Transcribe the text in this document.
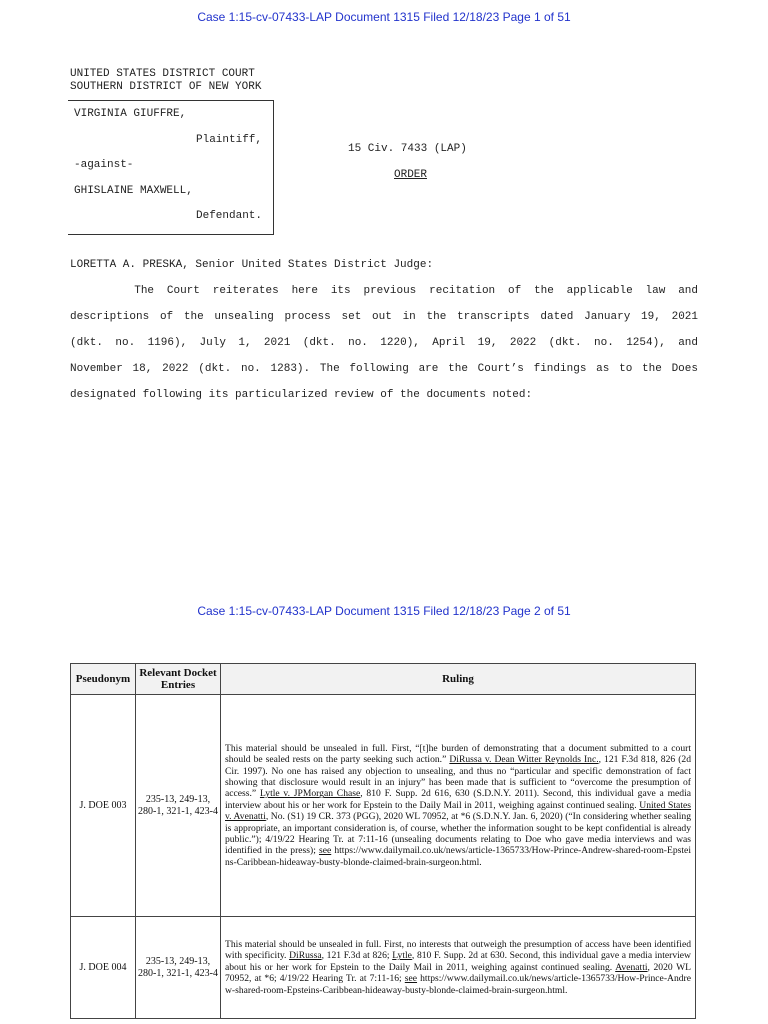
Case 1:15-cv-07433-LAP Document 1315 Filed 12/18/23 Page 1 of 51
UNITED STATES DISTRICT COURT
SOUTHERN DISTRICT OF NEW YORK
VIRGINIA GIUFFRE,
Plaintiff,
-against-
GHISLAINE MAXWELL,
Defendant.
15 Civ. 7433 (LAP)
ORDER
LORETTA A. PRESKA, Senior United States District Judge:
The Court reiterates here its previous recitation of the applicable law and
descriptions of the unsealing process set out in the transcripts dated January 19, 2021
(dkt. no. 1196), July 1, 2021 (dkt. no. 1220), April 19, 2022 (dkt. no. 1254), and
November 18, 2022 (dkt. no. 1283). The following are the Court’s findings as to the Does
designated following its particularized review of the documents noted:
Case 1:15-cv-07433-LAP Document 1315 Filed 12/18/23 Page 2 of 51
Pseudonym	Relevant Docket Entries	Ruling
J. DOE 003	235-13, 249-13, 280-1, 321-1, 423-4	This material should be unsealed in full. First, “[t]he burden of demonstrating that a document submitted to a court should be sealed rests on the party seeking such action.” DiRussa v. Dean Witter Reynolds Inc., 121 F.3d 818, 826 (2d Cir. 1997). No one has raised any objection to unsealing, and thus no “particular and specific demonstration of fact showing that disclosure would result in an injury” has been made that is sufficient to “overcome the presumption of access.” Lytle v. JPMorgan Chase, 810 F. Supp. 2d 616, 630 (S.D.N.Y. 2011). Second, this individual gave a media interview about his or her work for Epstein to the Daily Mail in 2011, weighing against continued sealing. United States v. Avenatti, No. (S1) 19 CR. 373 (PGG), 2020 WL 70952, at *6 (S.D.N.Y. Jan. 6, 2020) (“In considering whether sealing is appropriate, an important consideration is, of course, whether the information sought to be kept confidential is already public.”); 4/19/22 Hearing Tr. at 7:11-16 (unsealing documents relating to Doe who gave media interviews and was identified in the press); see https://www.dailymail.co.uk/news/article-1365733/How-Prince-Andrew-shared-room-Epsteins-Caribbean-hideaway-busty-blonde-claimed-brain-surgeon.html.
J. DOE 004	235-13, 249-13, 280-1, 321-1, 423-4	This material should be unsealed in full. First, no interests that outweigh the presumption of access have been identified with specificity. DiRussa, 121 F.3d at 826; Lytle, 810 F. Supp. 2d at 630. Second, this individual gave a media interview about his or her work for Epstein to the Daily Mail in 2011, weighing against continued sealing. Avenatti, 2020 WL 70952, at *6; 4/19/22 Hearing Tr. at 7:11-16; see https://www.dailymail.co.uk/news/article-1365733/How-Prince-Andrew-shared-room-Epsteins-Caribbean-hideaway-busty-blonde-claimed-brain-surgeon.html.
